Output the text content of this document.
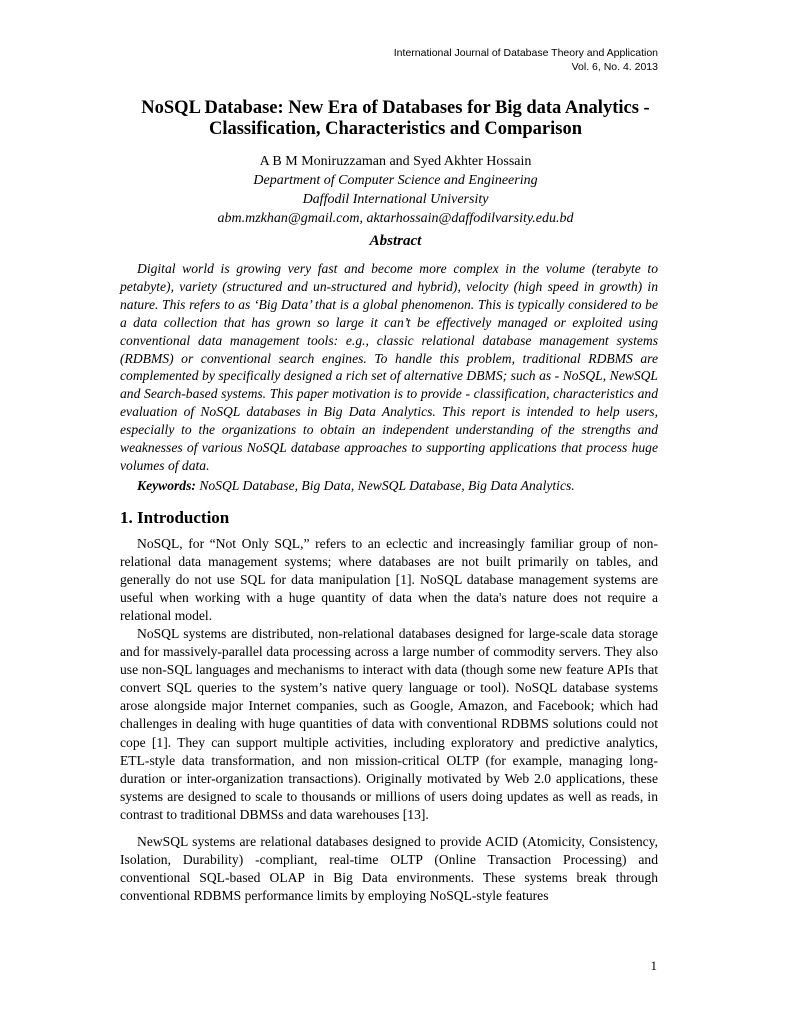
International Journal of Database Theory and Application
Vol. 6, No. 4. 2013
NoSQL Database: New Era of Databases for Big data Analytics -
Classification, Characteristics and Comparison
A B M Moniruzzaman and Syed Akhter Hossain
Department of Computer Science and Engineering
Daffodil International University
abm.mzkhan@gmail.com, aktarhossain@daffodilvarsity.edu.bd
Abstract

Digital world is growing very fast and become more complex in the volume (terabyte to petabyte), variety (structured and un-structured and hybrid), velocity (high speed in growth) in nature. This refers to as ‘Big Data’ that is a global phenomenon. This is typically considered to be a data collection that has grown so large it can’t be effectively managed or exploited using conventional data management tools: e.g., classic relational database management systems (RDBMS) or conventional search engines. To handle this problem, traditional RDBMS are complemented by specifically designed a rich set of alternative DBMS; such as - NoSQL, NewSQL and Search-based systems. This paper motivation is to provide - classification, characteristics and evaluation of NoSQL databases in Big Data Analytics. This report is intended to help users, especially to the organizations to obtain an independent understanding of the strengths and weaknesses of various NoSQL database approaches to supporting applications that process huge volumes of data.

Keywords: NoSQL Database, Big Data, NewSQL Database, Big Data Analytics.

1. Introduction

NoSQL, for “Not Only SQL,” refers to an eclectic and increasingly familiar group of non-relational data management systems; where databases are not built primarily on tables, and generally do not use SQL for data manipulation [1]. NoSQL database management systems are useful when working with a huge quantity of data when the data's nature does not require a relational model.

NoSQL systems are distributed, non-relational databases designed for large-scale data storage and for massively-parallel data processing across a large number of commodity servers. They also use non-SQL languages and mechanisms to interact with data (though some new feature APIs that convert SQL queries to the system’s native query language or tool). NoSQL database systems arose alongside major Internet companies, such as Google, Amazon, and Facebook; which had challenges in dealing with huge quantities of data with conventional RDBMS solutions could not cope [1]. They can support multiple activities, including exploratory and predictive analytics, ETL-style data transformation, and non mission-critical OLTP (for example, managing long-duration or inter-organization transactions). Originally motivated by Web 2.0 applications, these systems are designed to scale to thousands or millions of users doing updates as well as reads, in contrast to traditional DBMSs and data warehouses [13].

NewSQL systems are relational databases designed to provide ACID (Atomicity, Consistency, Isolation, Durability) -compliant, real-time OLTP (Online Transaction Processing) and conventional SQL-based OLAP in Big Data environments. These systems break through conventional RDBMS performance limits by employing NoSQL-style features

1
